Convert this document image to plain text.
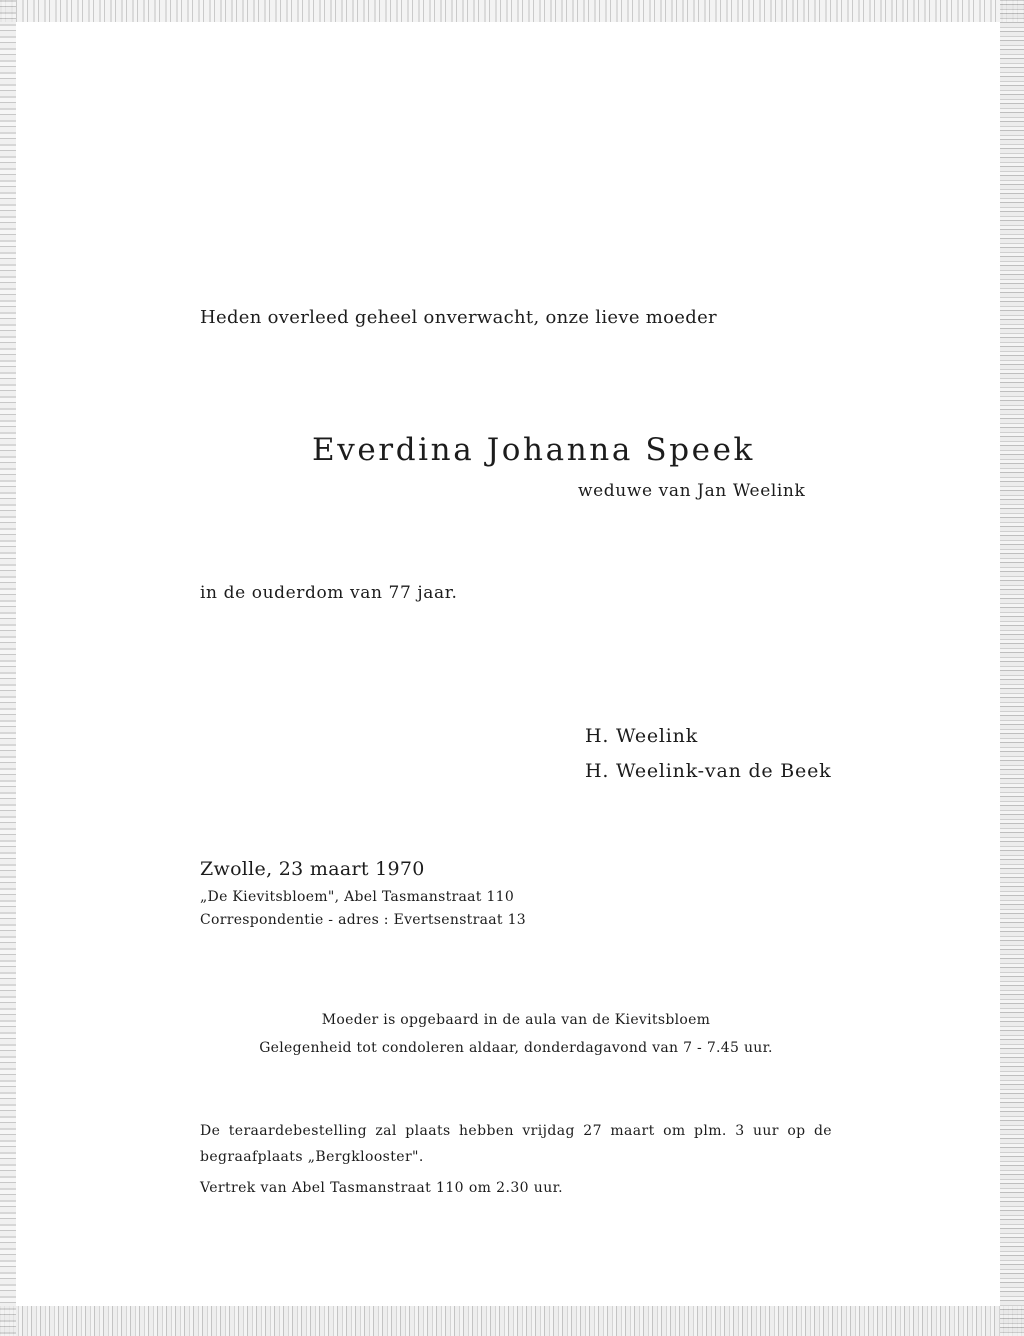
Heden overleed geheel onverwacht, onze lieve moeder

Everdina Johanna Speek

weduwe van Jan Weelink

in de ouderdom van 77 jaar.

H. Weelink

H. Weelink-van de Beek

Zwolle, 23 maart 1970

„De Kievitsbloem", Abel Tasmanstraat 110

Correspondentie - adres : Evertsenstraat 13

Moeder is opgebaard in de aula van de Kievitsbloem

Gelegenheid tot condoleren aldaar, donderdagavond van 7 - 7.45 uur.

De teraardebestelling zal plaats hebben vrijdag 27 maart om plm. 3 uur op de

begraafplaats „Bergklooster".

Vertrek van Abel Tasmanstraat 110 om 2.30 uur.
